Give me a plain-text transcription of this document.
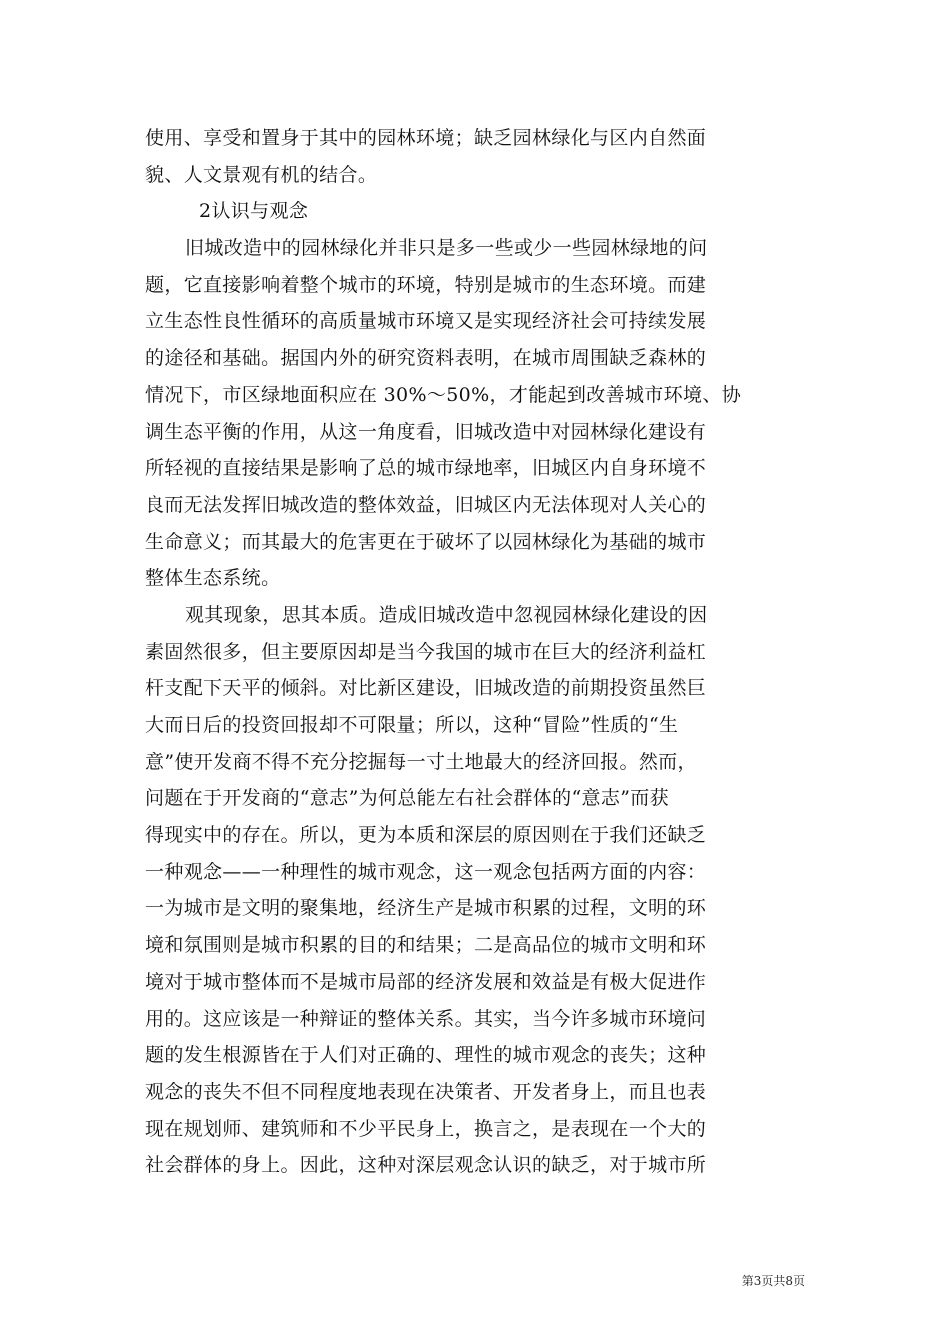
使用、享受和置身于其中的园林环境；缺乏园林绿化与区内自然面
貌、人文景观有机的结合。
2认识与观念
旧城改造中的园林绿化并非只是多一些或少一些园林绿地的问
题，它直接影响着整个城市的环境，特别是城市的生态环境。而建
立生态性良性循环的高质量城市环境又是实现经济社会可持续发展
的途径和基础。据国内外的研究资料表明，在城市周围缺乏森林的
情况下，市区绿地面积应在 30%～50%，才能起到改善城市环境、协
调生态平衡的作用，从这一角度看，旧城改造中对园林绿化建设有
所轻视的直接结果是影响了总的城市绿地率，旧城区内自身环境不
良而无法发挥旧城改造的整体效益，旧城区内无法体现对人关心的
生命意义；而其最大的危害更在于破坏了以园林绿化为基础的城市
整体生态系统。
观其现象，思其本质。造成旧城改造中忽视园林绿化建设的因
素固然很多，但主要原因却是当今我国的城市在巨大的经济利益杠
杆支配下天平的倾斜。对比新区建设，旧城改造的前期投资虽然巨
大而日后的投资回报却不可限量；所以，这种“冒险”性质的“生
意”使开发商不得不充分挖掘每一寸土地最大的经济回报。然而，
问题在于开发商的“意志”为何总能左右社会群体的“意志”而获
得现实中的存在。所以，更为本质和深层的原因则在于我们还缺乏
一种观念——一种理性的城市观念，这一观念包括两方面的内容：
一为城市是文明的聚集地，经济生产是城市积累的过程，文明的环
境和氛围则是城市积累的目的和结果；二是高品位的城市文明和环
境对于城市整体而不是城市局部的经济发展和效益是有极大促进作
用的。这应该是一种辩证的整体关系。其实，当今许多城市环境问
题的发生根源皆在于人们对正确的、理性的城市观念的丧失；这种
观念的丧失不但不同程度地表现在决策者、开发者身上，而且也表
现在规划师、建筑师和不少平民身上，换言之，是表现在一个大的
社会群体的身上。因此，这种对深层观念认识的缺乏，对于城市所
第3页共8页
